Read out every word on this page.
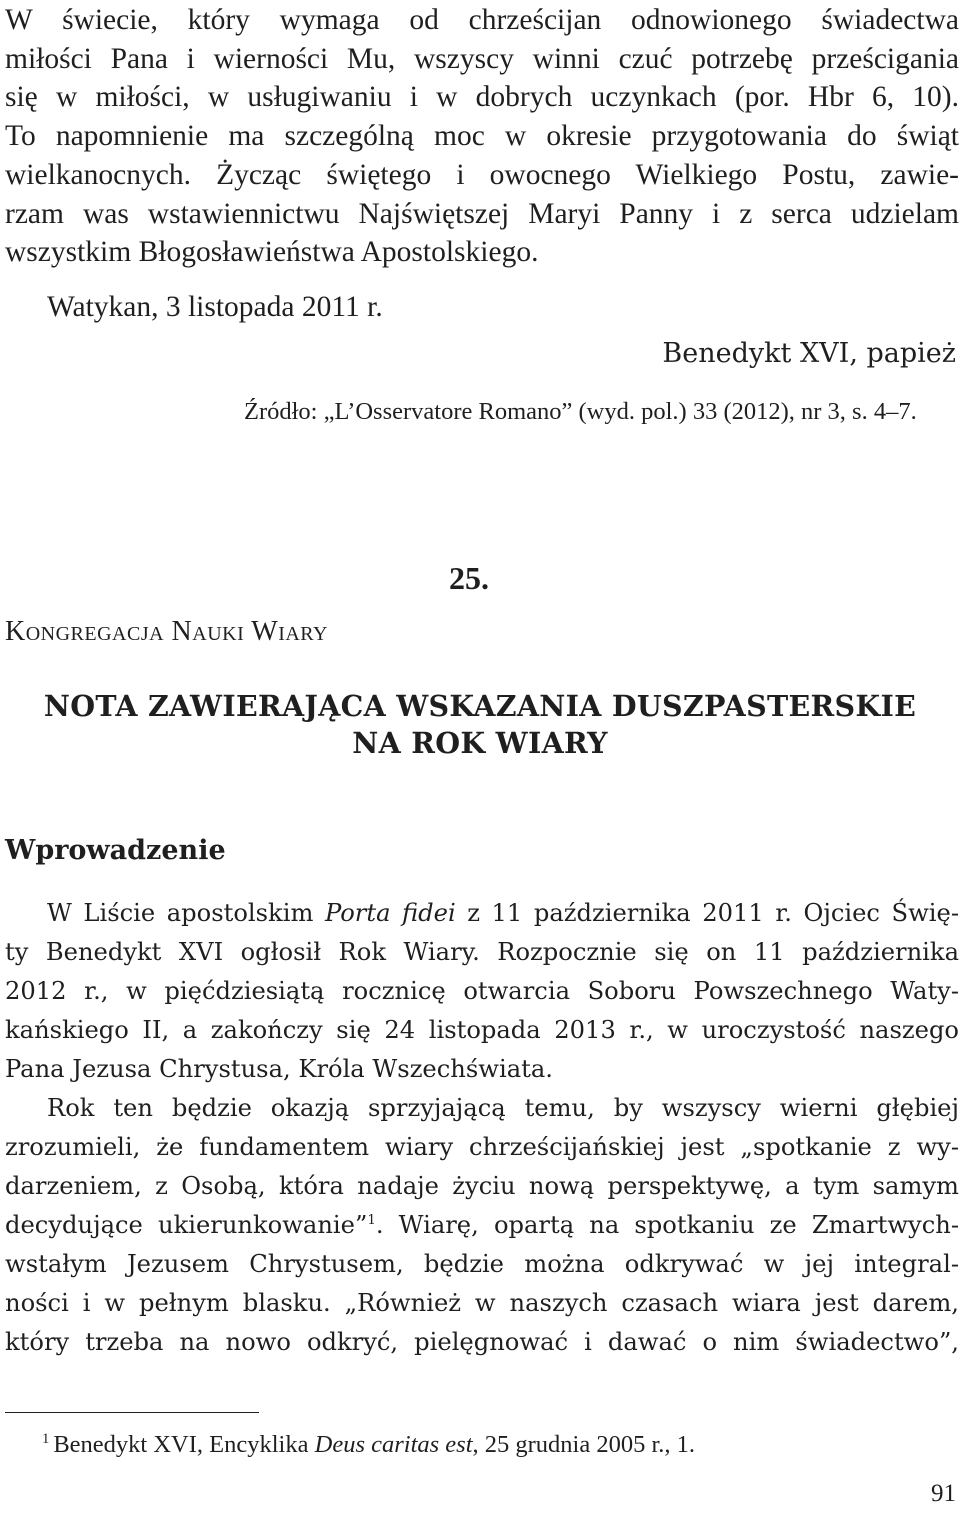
W świecie, który wymaga od chrześcijan odnowionego świadectwa
miłości Pana i wierności Mu, wszyscy winni czuć potrzebę prześcigania
się w miłości, w usługiwaniu i w dobrych uczynkach (por. Hbr 6, 10).
To napomnienie ma szczególną moc w okresie przygotowania do świąt
wielkanocnych. Życząc świętego i owocnego Wielkiego Postu, zawie-
rzam was wstawiennictwu Najświętszej Maryi Panny i z serca udzielam
wszystkim Błogosławieństwa Apostolskiego.

Watykan, 3 listopada 2011 r.

Benedykt XVI, papież

Źródło: „L’Osservatore Romano” (wyd. pol.) 33 (2012), nr 3, s. 4–7.

25.

Kongregacja Nauki Wiary

NOTA ZAWIERAJĄCA WSKAZANIA DUSZPASTERSKIE
NA ROK WIARY
Wprowadzenie
W Liście apostolskim Porta fidei z 11 października 2011 r. Ojciec Świę-
ty Benedykt XVI ogłosił Rok Wiary. Rozpocznie się on 11 października
2012 r., w pięćdziesiątą rocznicę otwarcia Soboru Powszechnego Waty-
kańskiego II, a zakończy się 24 listopada 2013 r., w uroczystość naszego
Pana Jezusa Chrystusa, Króla Wszechświata.
Rok ten będzie okazją sprzyjającą temu, by wszyscy wierni głębiej
zrozumieli, że fundamentem wiary chrześcijańskiej jest „spotkanie z wy-
darzeniem, z Osobą, która nadaje życiu nową perspektywę, a tym samym
decydujące ukierunkowanie”$^1$. Wiarę, opartą na spotkaniu ze Zmartwych-
wstałym Jezusem Chrystusem, będzie można odkrywać w jej integral-
ności i w pełnym blasku. „Również w naszych czasach wiara jest darem,
który trzeba na nowo odkryć, pielęgnować i dawać o nim świadectwo”,

$^1$ Benedykt XVI, Encyklika Deus caritas est, 25 grudnia 2005 r., 1.

91
